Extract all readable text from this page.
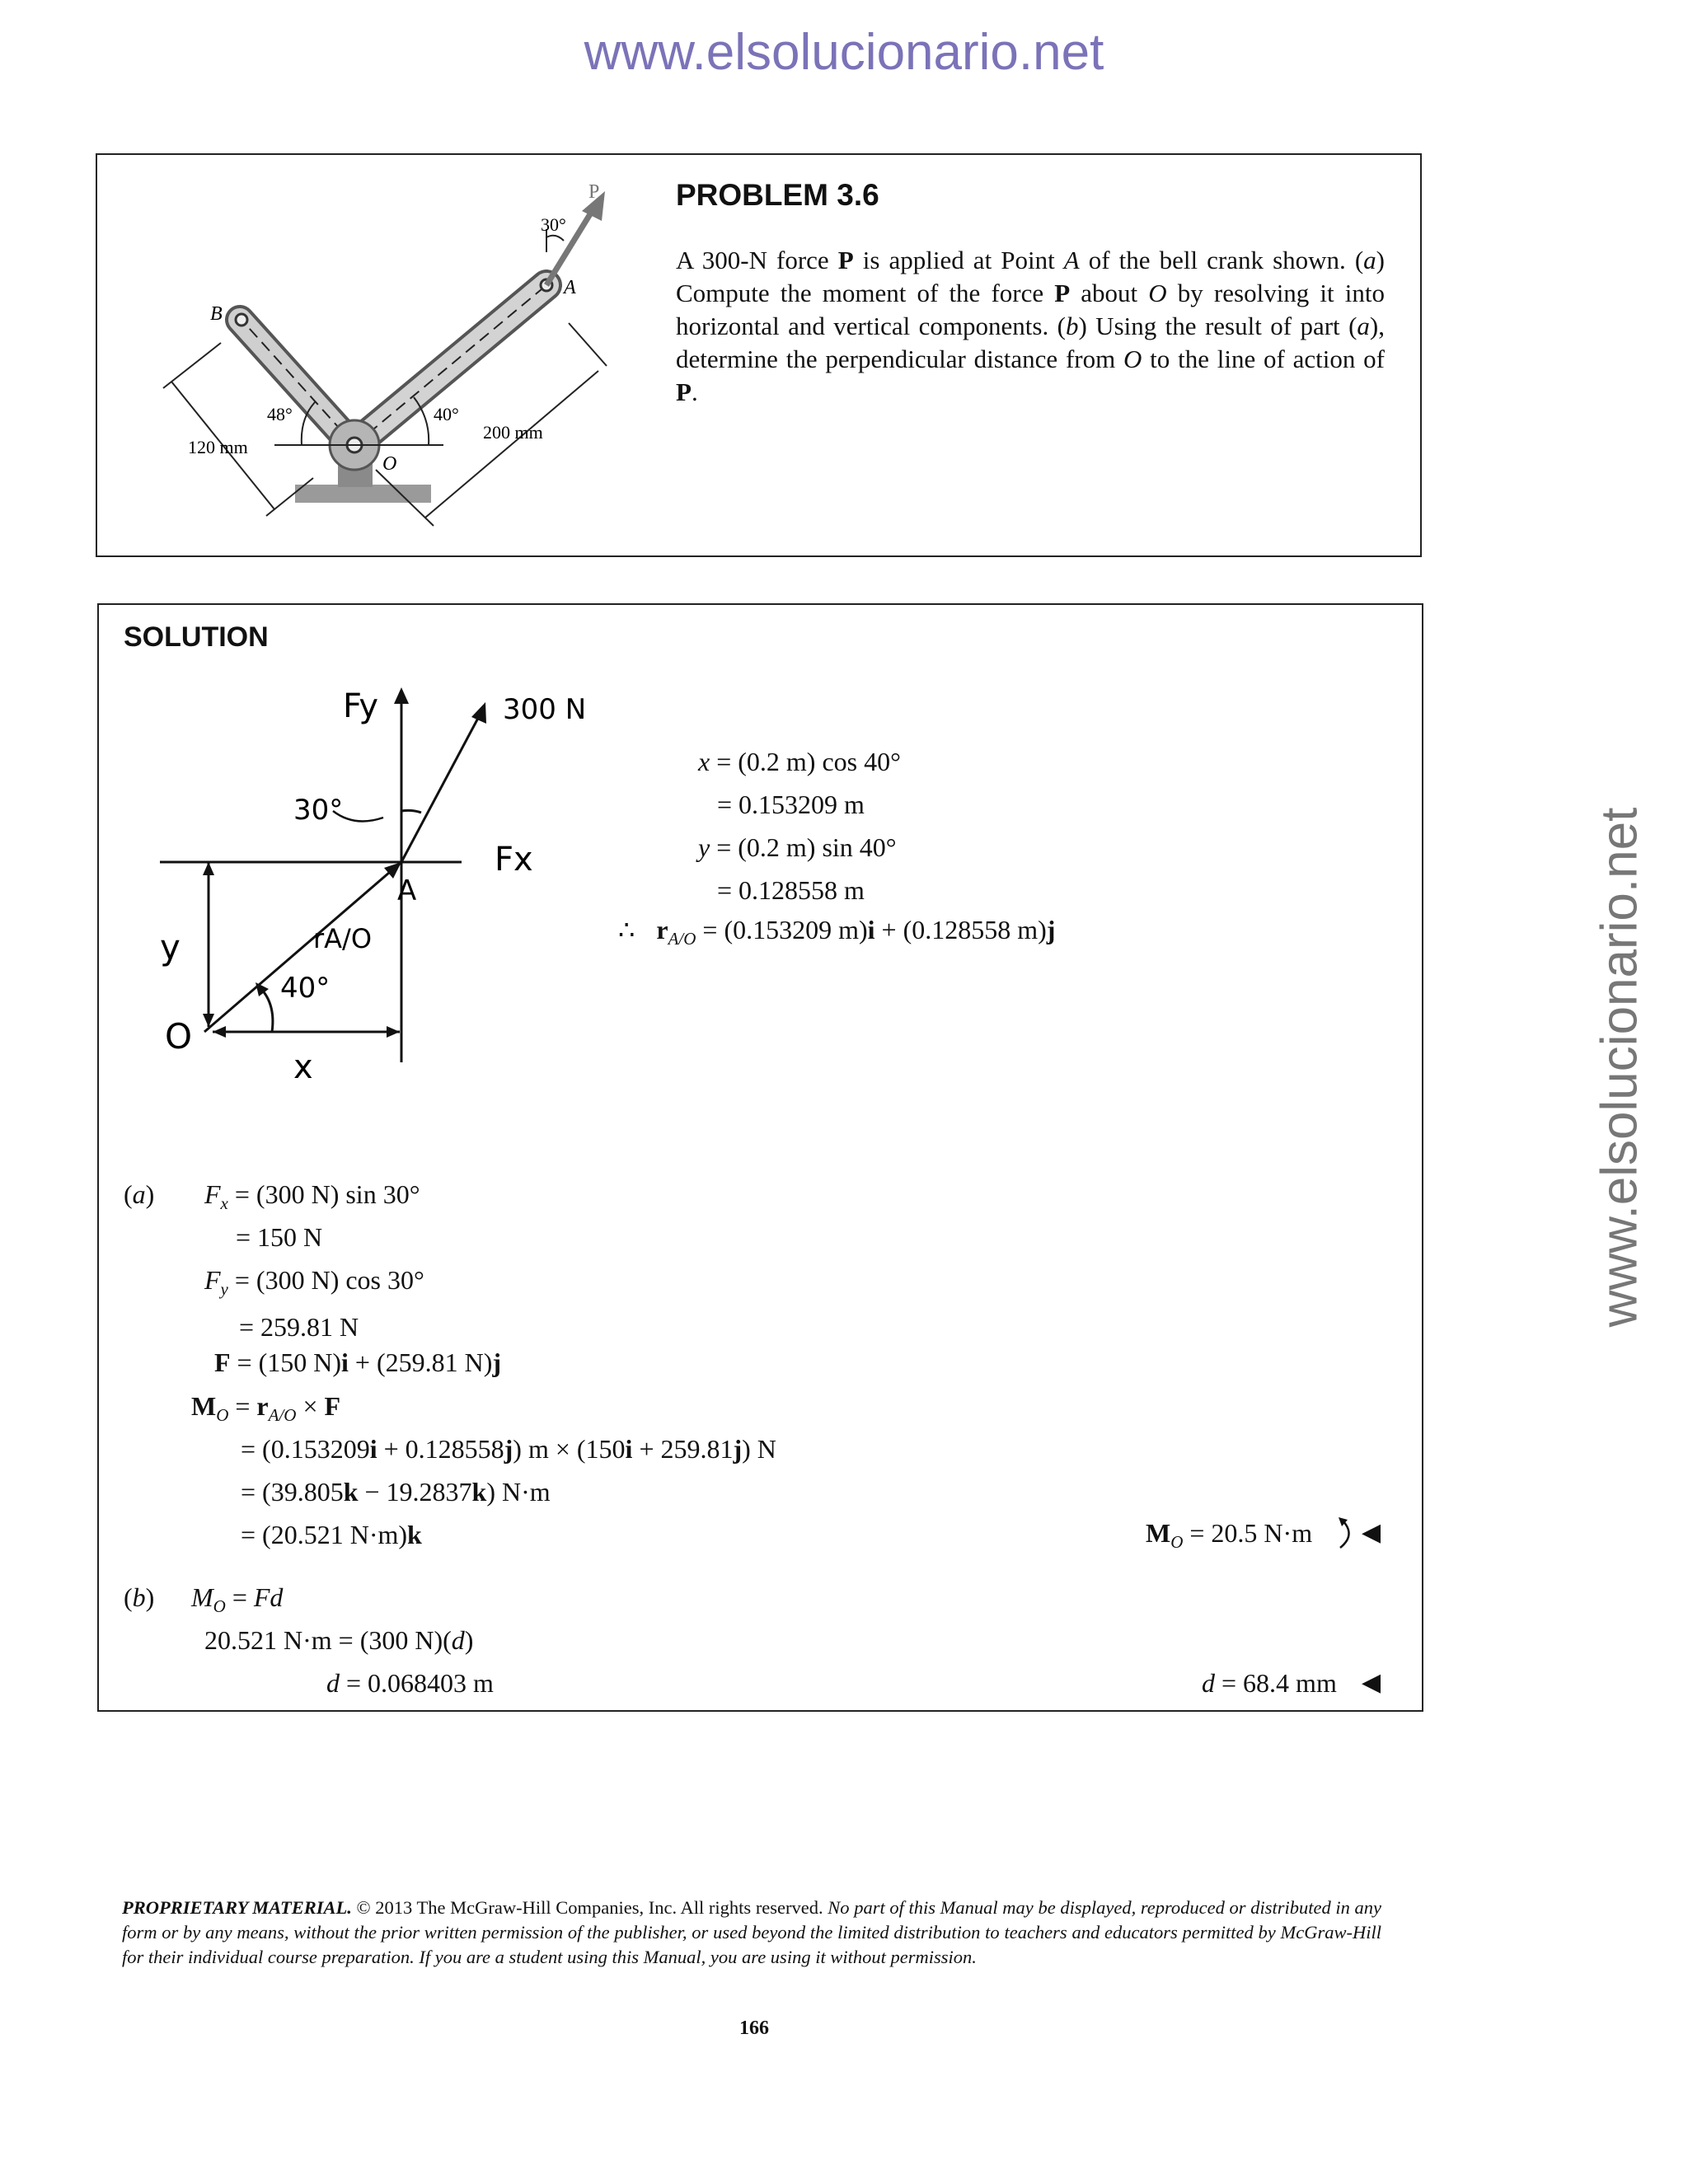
www.elsolucionario.net
www.elsolucionario.net
P
30°
A
B
48°	40°
O
120 mm
200 mm
PROBLEM 3.6
A 300-N force P is applied at Point A of the bell crank shown. (a) Compute the moment of the force P about O by resolving it into horizontal and vertical components. (b) Using the result of part (a), determine the perpendicular distance from O to the line of action of P.
SOLUTION
Fy	300 N
30°
Fx
A
y	rA/O
40°
O
x
x = (0.2 m) cos 40°
= 0.153209 m
y = (0.2 m) sin 40°
= 0.128558 m
∴ $r_{A/O} = (0.153209$ m)i + (0.128558 m)j
(a) $F_x = (300$ N) sin 30°
= 150 N
$F_y = (300$ N) cos 30°
= 259.81 N
F = (150 N)i + (259.81 N)j
$M_O = r_{A/O} \times F$
= (0.153209i + 0.128558j) m × (150i + 259.81j) N
= (39.805k − 19.2837k) N·m
= (20.521 N·m)k	$M_O = 20.5$ N·m ◀
(b) $M_O = Fd$
20.521 N·m = (300 N)(d)
d = 0.068403 m	d = 68.4 mm ◀
PROPRIETARY MATERIAL. © 2013 The McGraw-Hill Companies, Inc. All rights reserved. No part of this Manual may be displayed, reproduced or distributed in any form or by any means, without the prior written permission of the publisher, or used beyond the limited distribution to teachers and educators permitted by McGraw-Hill for their individual course preparation. If you are a student using this Manual, you are using it without permission.
166
